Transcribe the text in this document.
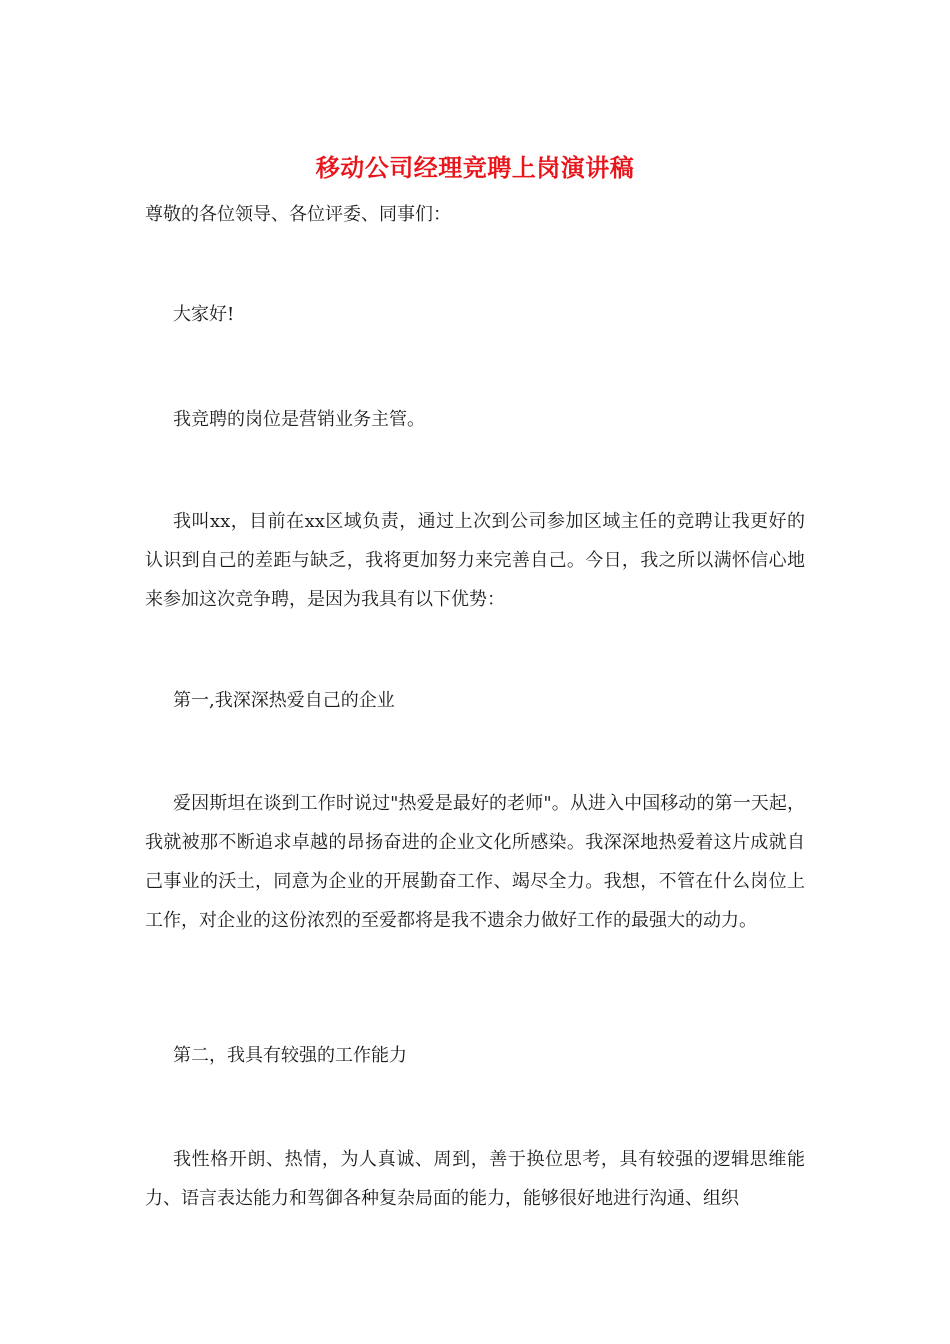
移动公司经理竞聘上岗演讲稿

尊敬的各位领导、各位评委、同事们：

大家好!

我竞聘的岗位是营销业务主管。

我叫xx，目前在xx区域负责，通过上次到公司参加区域主任的竞聘让我更好的认识到自己的差距与缺乏，我将更加努力来完善自己。今日，我之所以满怀信心地来参加这次竞争聘，是因为我具有以下优势：

第一,我深深热爱自己的企业

爱因斯坦在谈到工作时说过"热爱是最好的老师"。从进入中国移动的第一天起，我就被那不断追求卓越的昂扬奋进的企业文化所感染。我深深地热爱着这片成就自己事业的沃土，同意为企业的开展勤奋工作、竭尽全力。我想，不管在什么岗位上工作，对企业的这份浓烈的至爱都将是我不遗余力做好工作的最强大的动力。

第二，我具有较强的工作能力

我性格开朗、热情，为人真诚、周到，善于换位思考，具有较强的逻辑思维能力、语言表达能力和驾御各种复杂局面的能力，能够很好地进行沟通、组织
